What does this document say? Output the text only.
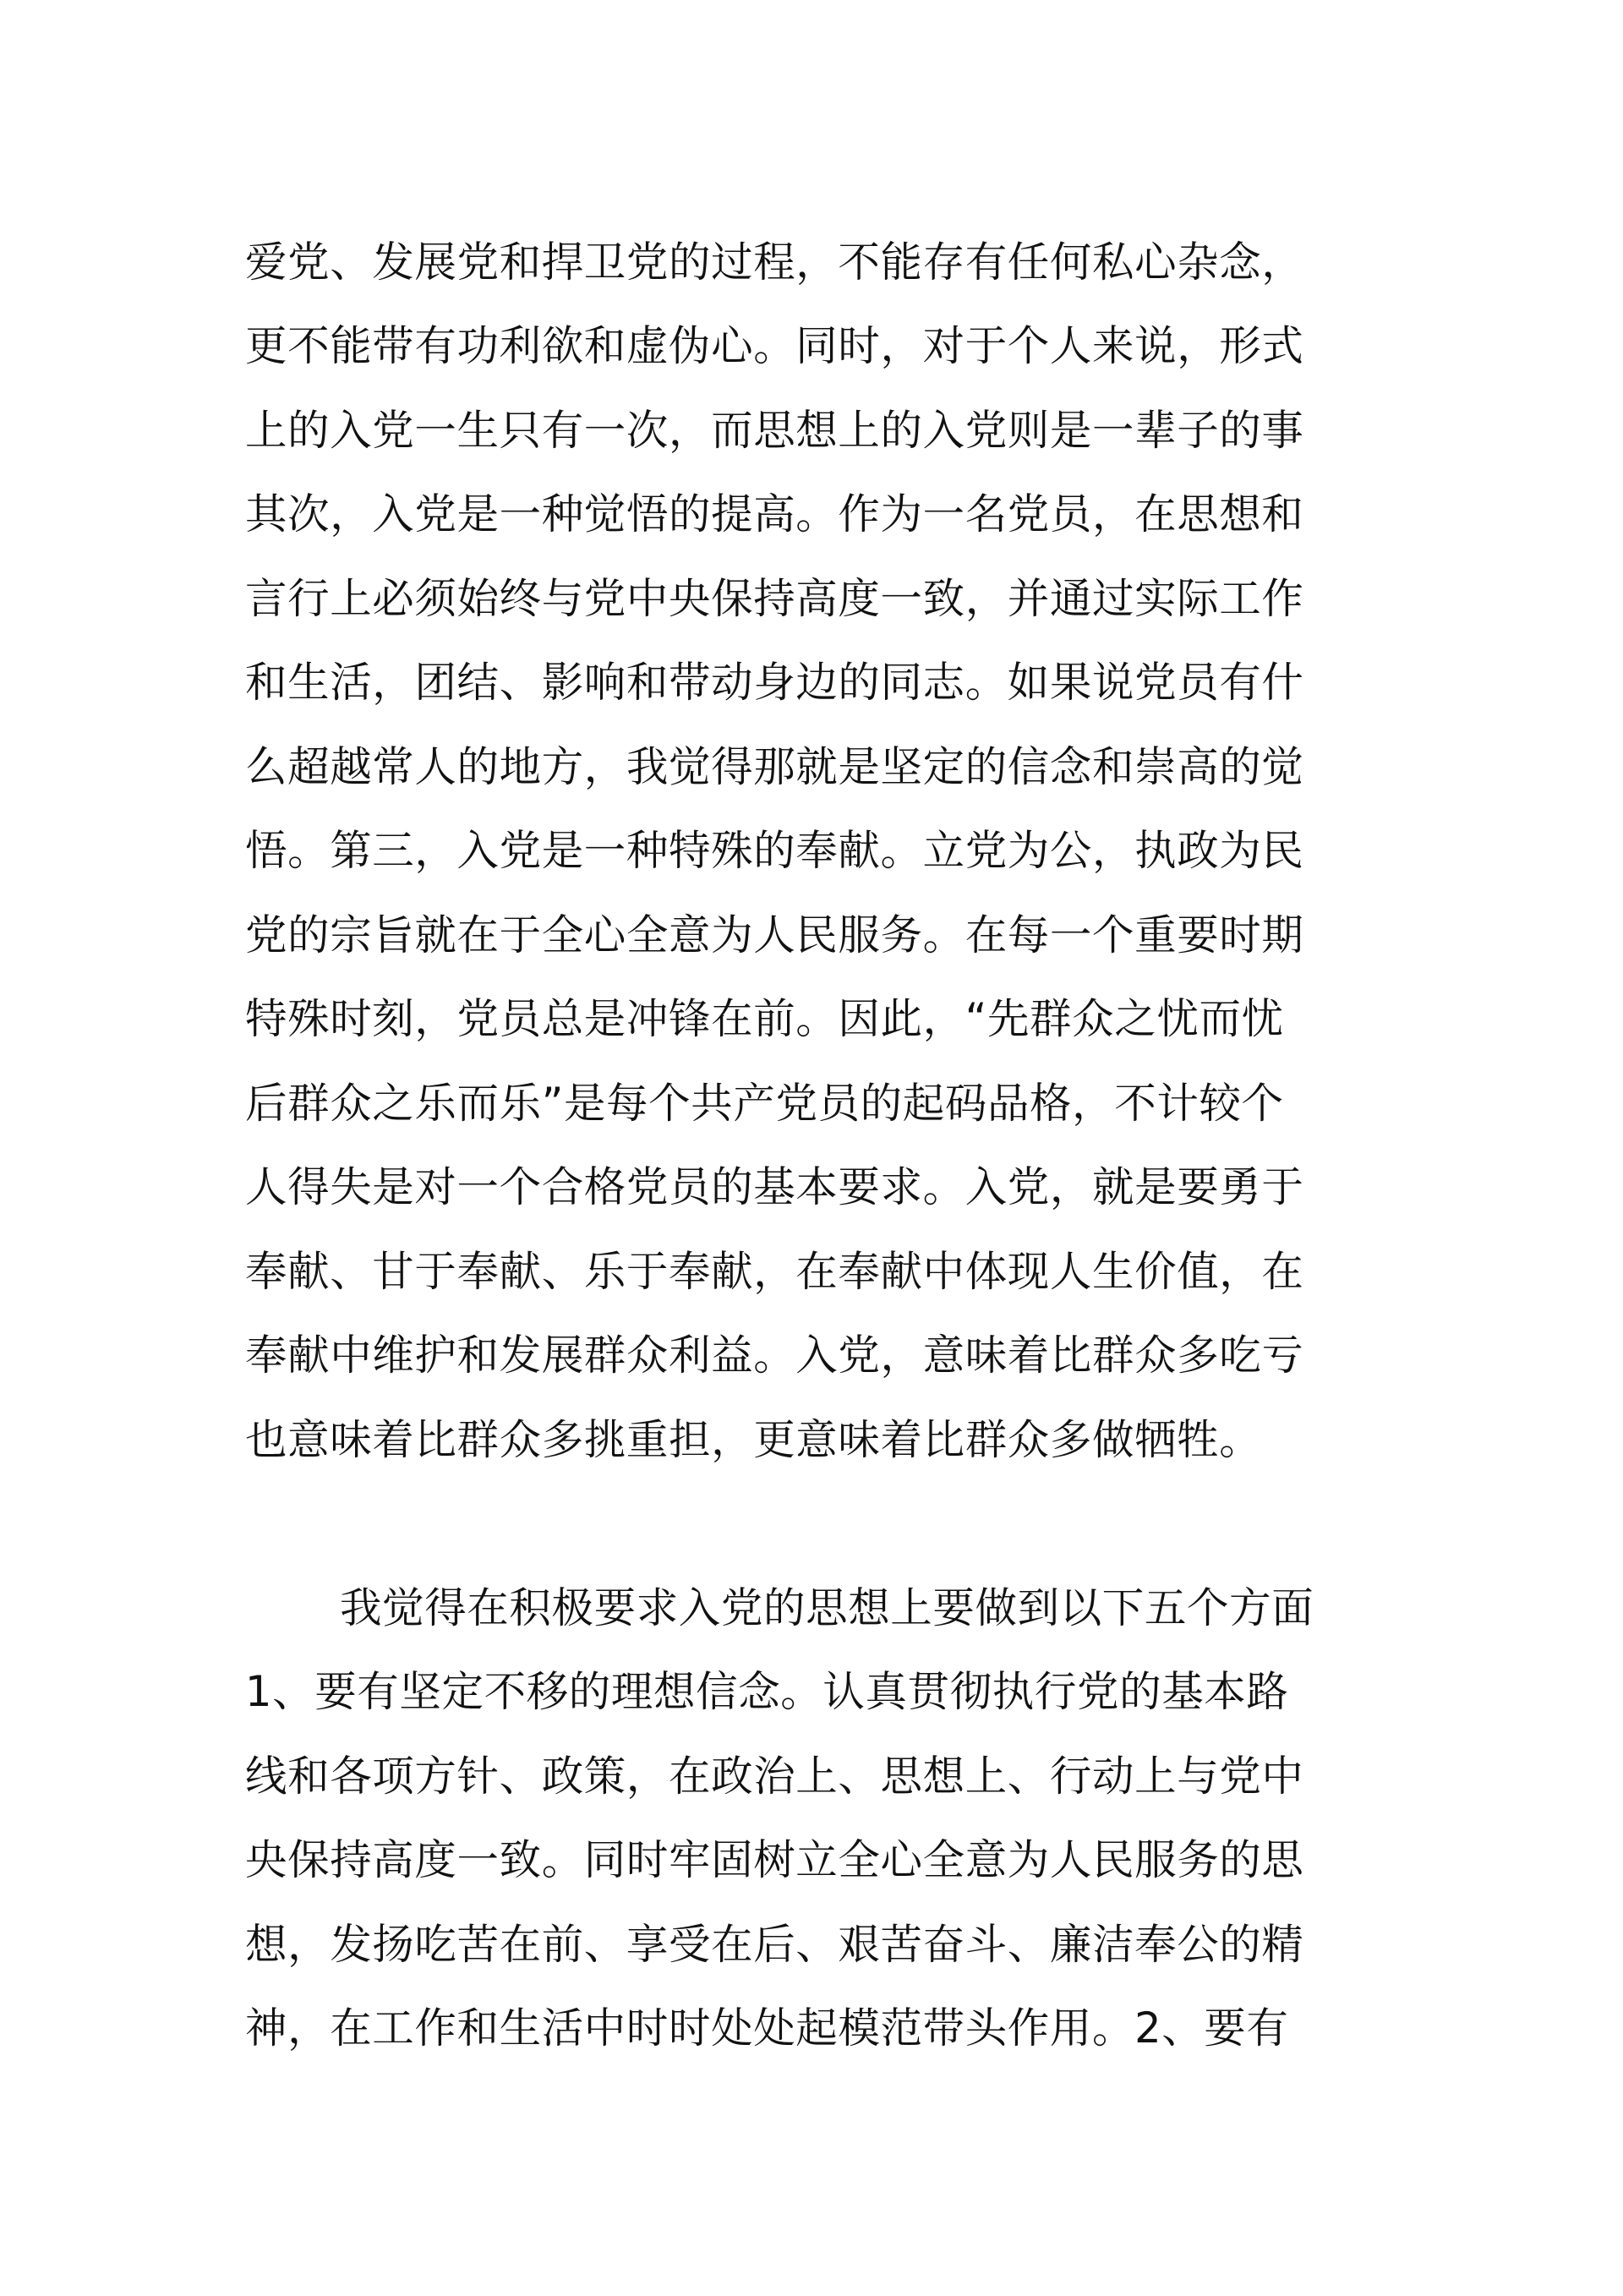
爱党、发展党和捍卫党的过程，不能存有任何私心杂念，
更不能带有功利欲和虚伪心。同时，对于个人来说，形式
上的入党一生只有一次，而思想上的入党则是一辈子的事
其次，入党是一种觉悟的提高。作为一名党员，在思想和
言行上必须始终与党中央保持高度一致，并通过实际工作
和生活，团结、影响和带动身边的同志。如果说党员有什
么超越常人的地方，我觉得那就是坚定的信念和崇高的觉
悟。第三，入党是一种特殊的奉献。立党为公，执政为民
党的宗旨就在于全心全意为人民服务。在每一个重要时期
特殊时刻，党员总是冲锋在前。因此，“先群众之忧而忧
后群众之乐而乐”是每个共产党员的起码品格，不计较个
人得失是对一个合格党员的基本要求。入党，就是要勇于
奉献、甘于奉献、乐于奉献，在奉献中体现人生价值，在
奉献中维护和发展群众利益。入党，意味着比群众多吃亏
也意味着比群众多挑重担，更意味着比群众多做牺牲。
我觉得在积极要求入党的思想上要做到以下五个方面
1、要有坚定不移的理想信念。认真贯彻执行党的基本路
线和各项方针、政策，在政治上、思想上、行动上与党中
央保持高度一致。同时牢固树立全心全意为人民服务的思
想，发扬吃苦在前、享受在后、艰苦奋斗、廉洁奉公的精
神，在工作和生活中时时处处起模范带头作用。2、要有
